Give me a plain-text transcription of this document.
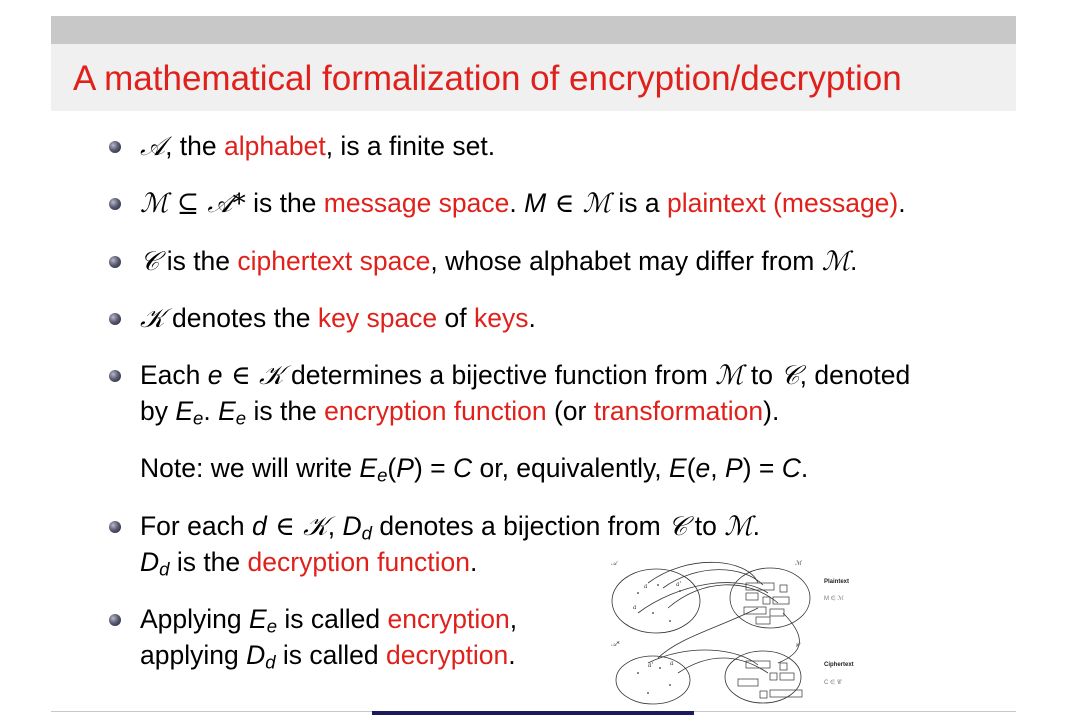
A mathematical formalization of encryption/decryption
𝒜, the alphabet, is a finite set.
ℳ ⊆ 𝒜* is the message space. M ∈ ℳ is a plaintext (message).
𝒞 is the ciphertext space, whose alphabet may differ from ℳ.
𝒦 denotes the key space of keys.
Each e ∈ 𝒦 determines a bijective function from ℳ to 𝒞, denoted
by $E_e$. $E_e$ is the encryption function (or transformation).
Note: we will write $E_e(P) = C$ or, equivalently, E(e, P) = C.
For each d ∈ 𝒦, $D_d$ denotes a bijection from 𝒞 to ℳ.
$D_d$ is the decryption function.
Applying $E_e$ is called encryption,
applying $D_d$ is called decryption.
a	a'
a
a'	a
𝒜
𝒜*
ℳ
𝒞
Plaintext
M ∈ ℳ
Ciphertext
C ∈ 𝒞
